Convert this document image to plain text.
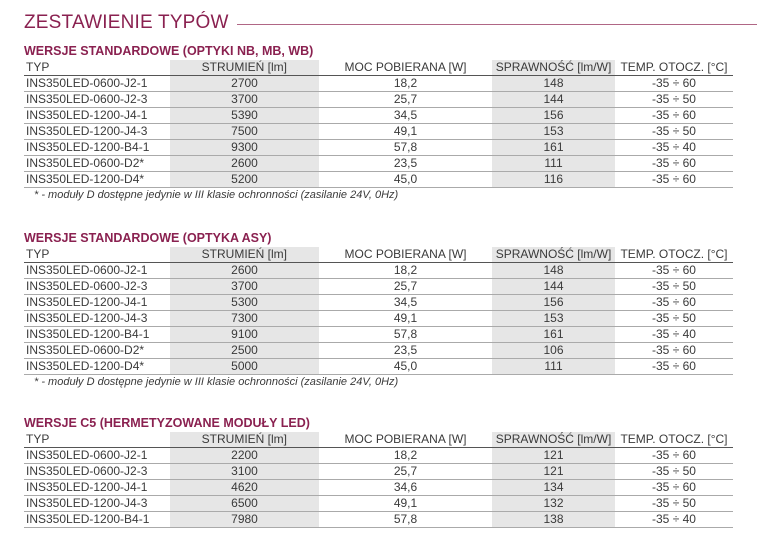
ZESTAWIENIE TYPÓW
WERSJE STANDARDOWE (OPTYKI NB, MB, WB)
TYP	STRUMIEŃ [lm]	MOC POBIERANA [W]	SPRAWNOŚĆ [lm/W]	TEMP. OTOCZ. [°C]
INS350LED-0600-J2-1	2700	18,2	148	-35 ÷ 60
INS350LED-0600-J2-3	3700	25,7	144	-35 ÷ 50
INS350LED-1200-J4-1	5390	34,5	156	-35 ÷ 60
INS350LED-1200-J4-3	7500	49,1	153	-35 ÷ 50
INS350LED-1200-B4-1	9300	57,8	161	-35 ÷ 40
INS350LED-0600-D2*	2600	23,5	111	-35 ÷ 60
INS350LED-1200-D4*	5200	45,0	116	-35 ÷ 60
* - moduły D dostępne jedynie w III klasie ochronności (zasilanie 24V, 0Hz)
WERSJE STANDARDOWE (OPTYKA ASY)
TYP	STRUMIEŃ [lm]	MOC POBIERANA [W]	SPRAWNOŚĆ [lm/W]	TEMP. OTOCZ. [°C]
INS350LED-0600-J2-1	2600	18,2	148	-35 ÷ 60
INS350LED-0600-J2-3	3700	25,7	144	-35 ÷ 50
INS350LED-1200-J4-1	5300	34,5	156	-35 ÷ 60
INS350LED-1200-J4-3	7300	49,1	153	-35 ÷ 50
INS350LED-1200-B4-1	9100	57,8	161	-35 ÷ 40
INS350LED-0600-D2*	2500	23,5	106	-35 ÷ 60
INS350LED-1200-D4*	5000	45,0	111	-35 ÷ 60
* - moduły D dostępne jedynie w III klasie ochronności (zasilanie 24V, 0Hz)
WERSJE C5 (HERMETYZOWANE MODUŁY LED)
TYP	STRUMIEŃ [lm]	MOC POBIERANA [W]	SPRAWNOŚĆ [lm/W]	TEMP. OTOCZ. [°C]
INS350LED-0600-J2-1	2200	18,2	121	-35 ÷ 60
INS350LED-0600-J2-3	3100	25,7	121	-35 ÷ 50
INS350LED-1200-J4-1	4620	34,6	134	-35 ÷ 60
INS350LED-1200-J4-3	6500	49,1	132	-35 ÷ 50
INS350LED-1200-B4-1	7980	57,8	138	-35 ÷ 40
